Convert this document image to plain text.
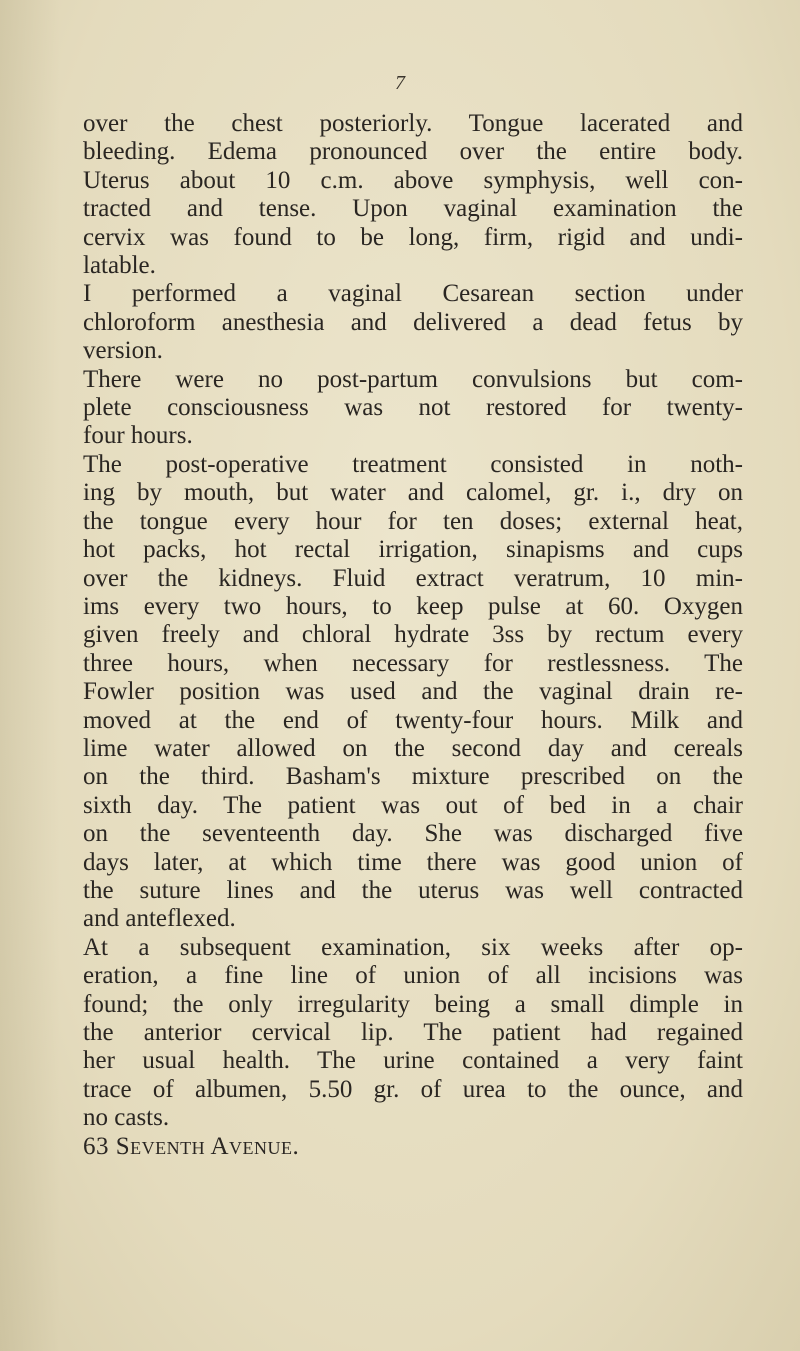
7
over the chest posteriorly. Tongue lacerated and
bleeding. Edema pronounced over the entire body.
Uterus about 10 c.m. above symphysis, well con-
tracted and tense. Upon vaginal examination the
cervix was found to be long, firm, rigid and undi-
latable.
I performed a vaginal Cesarean section under
chloroform anesthesia and delivered a dead fetus by
version.
There were no post-partum convulsions but com-
plete consciousness was not restored for twenty-
four hours.
The post-operative treatment consisted in noth-
ing by mouth, but water and calomel, gr. i., dry on
the tongue every hour for ten doses; external heat,
hot packs, hot rectal irrigation, sinapisms and cups
over the kidneys. Fluid extract veratrum, 10 min-
ims every two hours, to keep pulse at 60. Oxygen
given freely and chloral hydrate 3ss by rectum every
three hours, when necessary for restlessness. The
Fowler position was used and the vaginal drain re-
moved at the end of twenty-four hours. Milk and
lime water allowed on the second day and cereals
on the third. Basham's mixture prescribed on the
sixth day. The patient was out of bed in a chair
on the seventeenth day. She was discharged five
days later, at which time there was good union of
the suture lines and the uterus was well contracted
and anteflexed.
At a subsequent examination, six weeks after op-
eration, a fine line of union of all incisions was
found; the only irregularity being a small dimple in
the anterior cervical lip. The patient had regained
her usual health. The urine contained a very faint
trace of albumen, 5.50 gr. of urea to the ounce, and
no casts.
63 Seventh Avenue.
